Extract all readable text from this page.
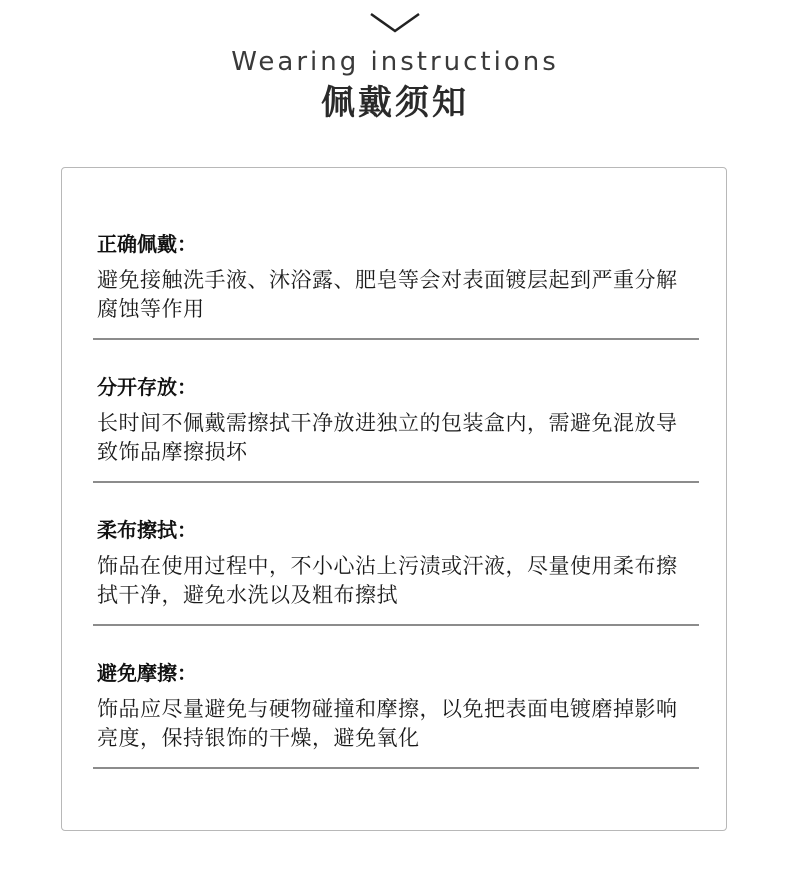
Wearing instructions
佩戴须知
正确佩戴：
避免接触洗手液、沐浴露、肥皂等会对表面镀层起到严重分解腐蚀等作用
分开存放：
长时间不佩戴需擦拭干净放进独立的包装盒内，需避免混放导致饰品摩擦损坏
柔布擦拭：
饰品在使用过程中，不小心沾上污渍或汗液，尽量使用柔布擦拭干净，避免水洗以及粗布擦拭
避免摩擦：
饰品应尽量避免与硬物碰撞和摩擦，以免把表面电镀磨掉影响亮度，保持银饰的干燥，避免氧化
